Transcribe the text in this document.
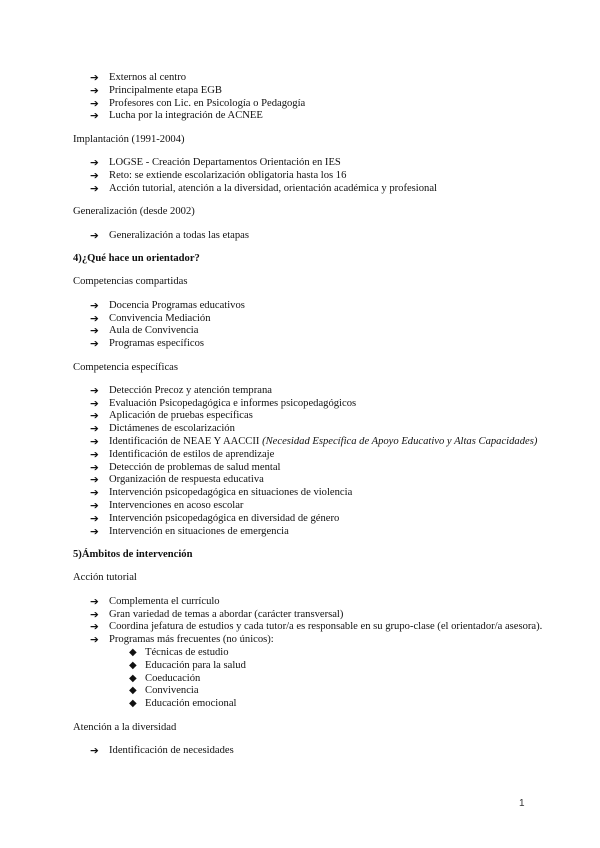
➔ Externos al centro
➔ Principalmente etapa EGB
➔ Profesores con Lic. en Psicología o Pedagogía
➔ Lucha por la integración de ACNEE

Implantación (1991-2004)

➔ LOGSE - Creación Departamentos Orientación en IES
➔ Reto: se extiende escolarización obligatoria hasta los 16
➔ Acción tutorial, atención a la diversidad, orientación académica y profesional

Generalización (desde 2002)

➔ Generalización a todas las etapas

4)¿Qué hace un orientador?

Competencias compartidas

➔ Docencia Programas educativos
➔ Convivencia Mediación
➔ Aula de Convivencia
➔ Programas específicos

Competencia específicas

➔ Detección Precoz y atención temprana
➔ Evaluación Psicopedagógica e informes psicopedagógicos
➔ Aplicación de pruebas específicas
➔ Dictámenes de escolarización
➔ Identificación de NEAE Y AACCII (Necesidad Específica de Apoyo Educativo y Altas Capacidades)
➔ Identificación de estilos de aprendizaje
➔ Detección de problemas de salud mental
➔ Organización de respuesta educativa
➔ Intervención psicopedagógica en situaciones de violencia
➔ Intervenciones en acoso escolar
➔ Intervención psicopedagógica en diversidad de género
➔ Intervención en situaciones de emergencia

5)Ámbitos de intervención

Acción tutorial

➔ Complementa el currículo
➔ Gran variedad de temas a abordar (carácter transversal)
➔ Coordina jefatura de estudios y cada tutor/a es responsable en su grupo-clase (el orientador/a asesora).
➔ Programas más frecuentes (no únicos):
◆ Técnicas de estudio
◆ Educación para la salud
◆ Coeducación
◆ Convivencia
◆ Educación emocional

Atención a la diversidad

➔ Identificación de necesidades
1
